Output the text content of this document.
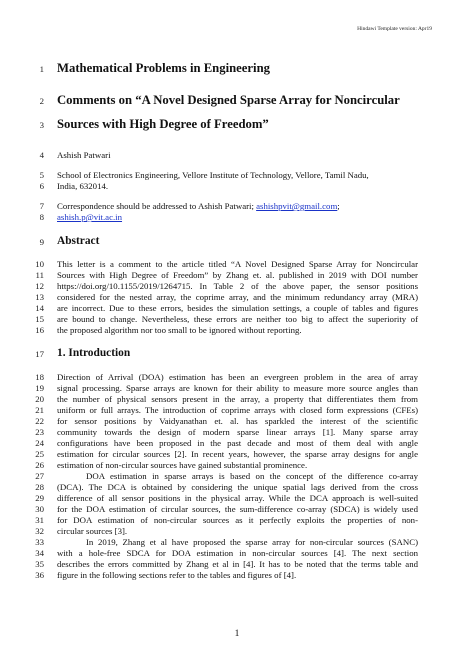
Hindawi Template version: Apr19
1
2
3
4
5
6
7
8
9
10
11
12
13
14
15
16
17
18
19
20
21
22
23
24
25
26
27
28
29
30
31
32
33
34
35
36
Mathematical Problems in Engineering
Comments on “A Novel Designed Sparse Array for Noncircular
Sources with High Degree of Freedom”
Ashish Patwari
School of Electronics Engineering, Vellore Institute of Technology, Vellore, Tamil Nadu,
India, 632014.
Correspondence should be addressed to Ashish Patwari; ashishpvit@gmail.com;
ashish.p@vit.ac.in
Abstract
This letter is a comment to the article titled “A Novel Designed Sparse Array for Noncircular
Sources with High Degree of Freedom” by Zhang et. al. published in 2019 with DOI number
https://doi.org/10.1155/2019/1264715. In Table 2 of the above paper, the sensor positions
considered for the nested array, the coprime array, and the minimum redundancy array (MRA)
are incorrect. Due to these errors, besides the simulation settings, a couple of tables and figures
are bound to change. Nevertheless, these errors are neither too big to affect the superiority of
the proposed algorithm nor too small to be ignored without reporting.
1. Introduction
Direction of Arrival (DOA) estimation has been an evergreen problem in the area of array
signal processing. Sparse arrays are known for their ability to measure more source angles than
the number of physical sensors present in the array, a property that differentiates them from
uniform or full arrays. The introduction of coprime arrays with closed form expressions (CFEs)
for sensor positions by Vaidyanathan et. al. has sparkled the interest of the scientific
community towards the design of modern sparse linear arrays [1]. Many sparse array
configurations have been proposed in the past decade and most of them deal with angle
estimation for circular sources [2]. In recent years, however, the sparse array designs for angle
estimation of non-circular sources have gained substantial prominence.
DOA estimation in sparse arrays is based on the concept of the difference co-array
(DCA). The DCA is obtained by considering the unique spatial lags derived from the cross
difference of all sensor positions in the physical array. While the DCA approach is well-suited
for the DOA estimation of circular sources, the sum-difference co-array (SDCA) is widely used
for DOA estimation of non-circular sources as it perfectly exploits the properties of non-
circular sources [3].
In 2019, Zhang et al have proposed the sparse array for non-circular sources (SANC)
with a hole-free SDCA for DOA estimation in non-circular sources [4]. The next section
describes the errors committed by Zhang et al in [4]. It has to be noted that the terms table and
figure in the following sections refer to the tables and figures of [4].
1
